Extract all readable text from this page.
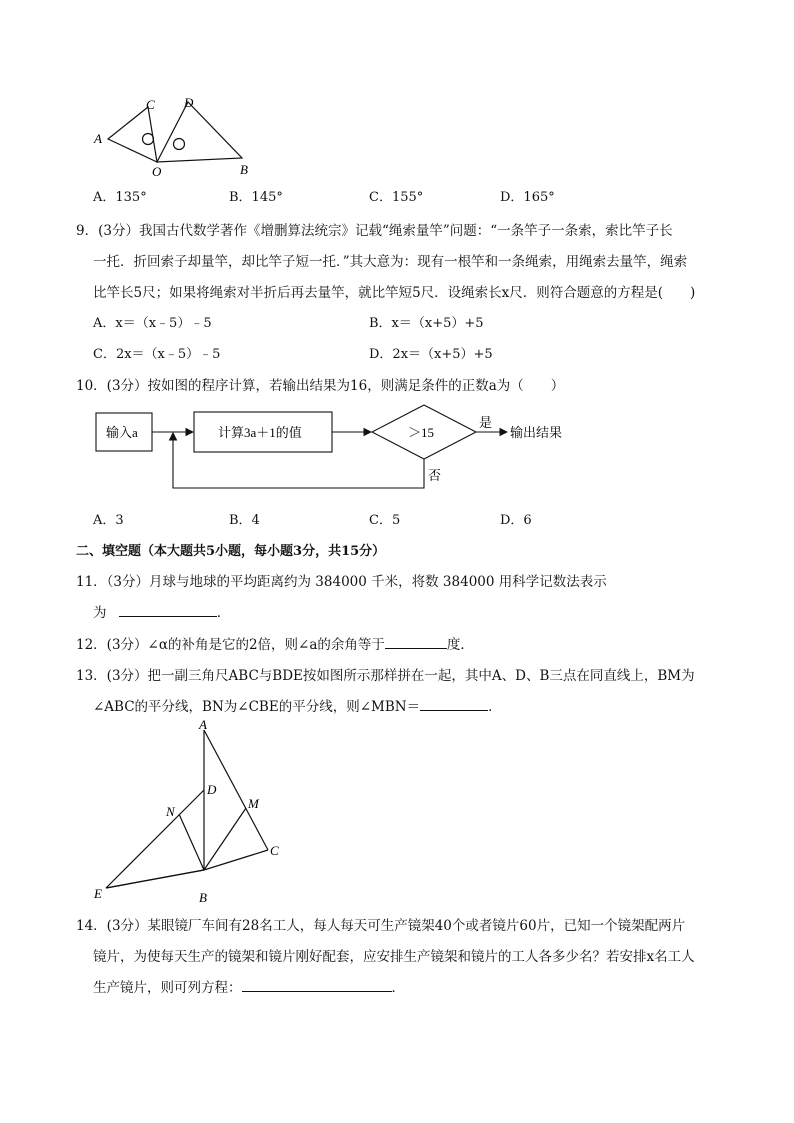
A
C D
O	B
A．135°	B．145°	C．155°	D．165°
9．(3分）我国古代数学著作《增删算法统宗》记载“绳索量竿”问题：“一条竿子一条索，索比竿子长
一托．折回索子却量竿，却比竿子短一托．”其大意为：现有一根竿和一条绳索，用绳索去量竿，绳索
比竿长5尺；如果将绳索对半折后再去量竿，就比竿短5尺．设绳索长x尺．则符合题意的方程是(　　)
A．x＝（x﹣5）﹣5	B．x＝（x+5）+5
C．2x＝（x﹣5）﹣5	D．2x＝（x+5）+5
10．(3分）按如图的程序计算，若输出结果为16，则满足条件的正数a为（　　）
输入a	计算3a＋1的值	＞15
是
输出结果
否
A．3	B．4	C．5	D．6
二、填空题（本大题共5小题，每小题3分，共15分）
11．（3分）月球与地球的平均距离约为 384000 千米，将数 384000 用科学记数法表示
为	．
12．(3分）∠α的补角是它的2倍，则∠a的余角等于	度．
13．(3分）把一副三角尺ABC与BDE按如图所示那样拼在一起，其中A、D、B三点在同直线上，BM为
∠ABC的平分线，BN为∠CBE的平分线，则∠MBN＝	．
A
D
M
N
C
E	B
14．(3分）某眼镜厂车间有28名工人，每人每天可生产镜架40个或者镜片60片，已知一个镜架配两片
镜片，为使每天生产的镜架和镜片刚好配套，应安排生产镜架和镜片的工人各多少名？若安排x名工人
生产镜片，则可列方程：	．
